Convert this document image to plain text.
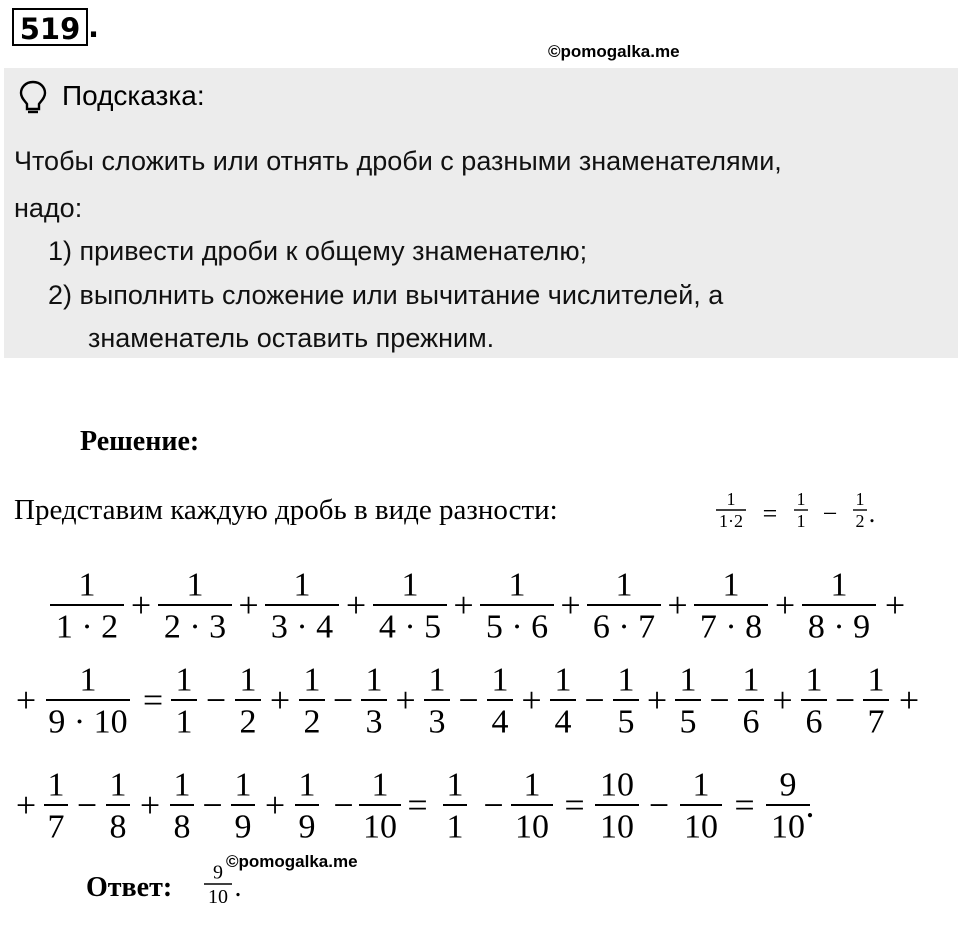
519 .
©pomogalka.me
Подсказка:
Чтобы сложить или отнять дроби с разными знаменателями,
надо:
1) привести дроби к общему знаменателю;
2) выполнить сложение или вычитание числителей, а
знаменатель оставить прежним.
Решение:
Представим каждую дробь в виде разности:	1
1·2 =
1
1 −
1
2 .
1
1 · 2
+
1
2 · 3
+
1
3 · 4
+
1
4 · 5
+
1
5 · 6
+
1
6 · 7
+
1
7 · 8
+
1
8 · 9
+
+
1
9 · 10
=
1
1
−
1
2
+
1
2
−
1
3
+
1
3
−
1
4
+
1
4
−
1
5
+
1
5
−
1
6
+
1
6
−
1
7
+
+
1
7
−
1
8
+
1
8
−
1
9
+
1
9
−
1
10
=
1
1
−
1
10
=
10
10
−
1
10
=
9
10
.
9
10 .
©pomogalka.me
Ответ:
